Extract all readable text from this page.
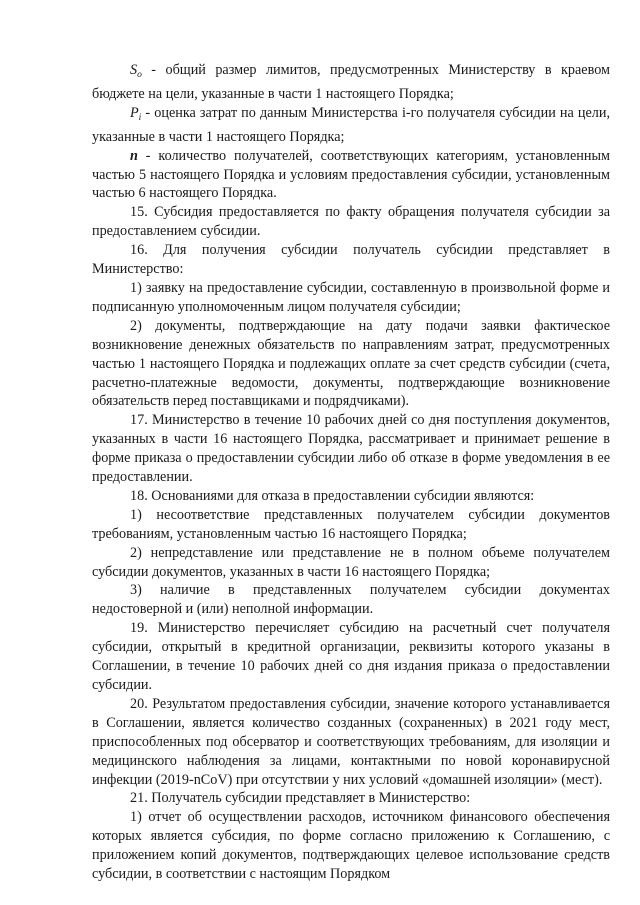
$S_o$ - общий размер лимитов, предусмотренных Министерству в краевом бюджете на цели, указанные в части 1 настоящего Порядка;

$P_i$ - оценка затрат по данным Министерства i-го получателя субсидии на цели, указанные в части 1 настоящего Порядка;

n - количество получателей, соответствующих категориям, установленным частью 5 настоящего Порядка и условиям предоставления субсидии, установленным частью 6 настоящего Порядка.

15. Субсидия предоставляется по факту обращения получателя субсидии за предоставлением субсидии.

16. Для получения субсидии получатель субсидии представляет в Министерство:

1) заявку на предоставление субсидии, составленную в произвольной форме и подписанную уполномоченным лицом получателя субсидии;

2) документы, подтверждающие на дату подачи заявки фактическое возникновение денежных обязательств по направлениям затрат, предусмотренных частью 1 настоящего Порядка и подлежащих оплате за счет средств субсидии (счета, расчетно-платежные ведомости, документы, подтверждающие возникновение обязательств перед поставщиками и подрядчиками).

17. Министерство в течение 10 рабочих дней со дня поступления документов, указанных в части 16 настоящего Порядка, рассматривает и принимает решение в форме приказа о предоставлении субсидии либо об отказе в форме уведомления в ее предоставлении.

18. Основаниями для отказа в предоставлении субсидии являются:

1) несоответствие представленных получателем субсидии документов требованиям, установленным частью 16 настоящего Порядка;

2) непредставление или представление не в полном объеме получателем субсидии документов, указанных в части 16 настоящего Порядка;

3) наличие в представленных получателем субсидии документах недостоверной и (или) неполной информации.

19. Министерство перечисляет субсидию на расчетный счет получателя субсидии, открытый в кредитной организации, реквизиты которого указаны в Соглашении, в течение 10 рабочих дней со дня издания приказа о предоставлении субсидии.

20. Результатом предоставления субсидии, значение которого устанавливается в Соглашении, является количество созданных (сохраненных) в 2021 году мест, приспособленных под обсерватор и соответствующих требованиям, для изоляции и медицинского наблюдения за лицами, контактными по новой коронавирусной инфекции (2019-nCoV) при отсутствии у них условий «домашней изоляции» (мест).

21. Получатель субсидии представляет в Министерство:

1) отчет об осуществлении расходов, источником финансового обеспечения которых является субсидия, по форме согласно приложению к Соглашению, с приложением копий документов, подтверждающих целевое использование средств субсидии, в соответствии с настоящим Порядком
